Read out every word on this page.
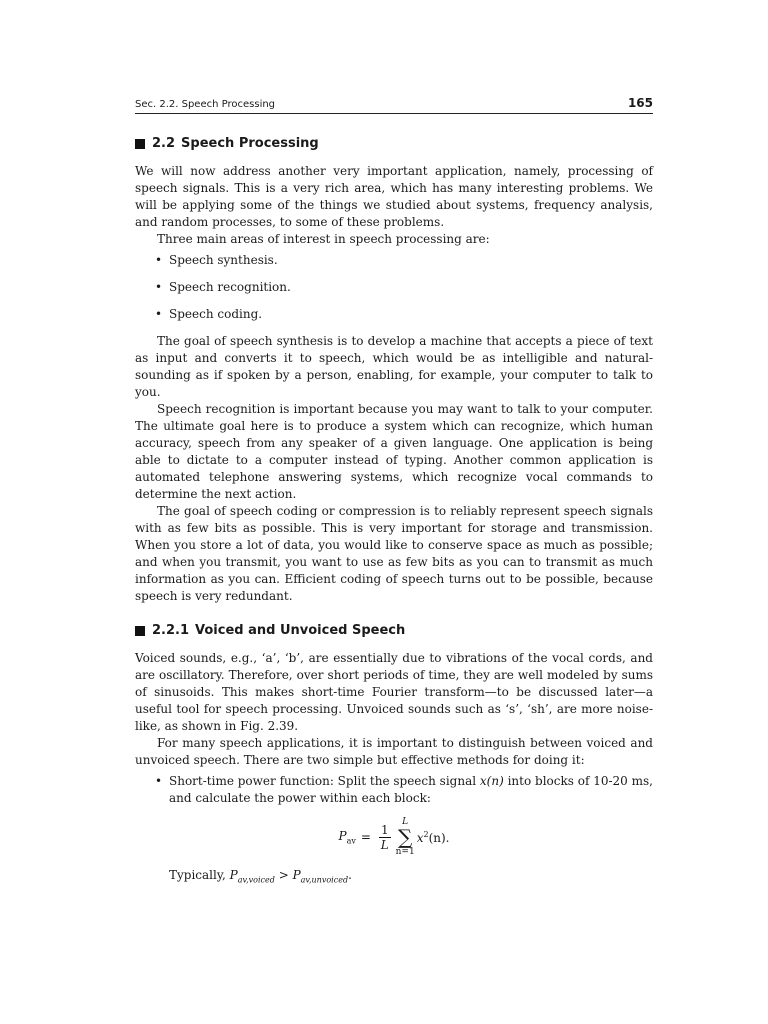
Sec. 2.2. Speech Processing	165
2.2 Speech Processing

We will now address another very important application, namely, processing of speech signals. This is a very rich area, which has many interesting problems. We will be applying some of the things we studied about systems, frequency analysis, and random processes, to some of these problems.

Three main areas of interest in speech processing are:

• Speech synthesis.
• Speech recognition.
• Speech coding.

The goal of speech synthesis is to develop a machine that accepts a piece of text as input and converts it to speech, which would be as intelligible and natural-sounding as if spoken by a person, enabling, for example, your computer to talk to you.

Speech recognition is important because you may want to talk to your computer. The ultimate goal here is to produce a system which can recognize, which human accuracy, speech from any speaker of a given language. One application is being able to dictate to a computer instead of typing. Another common application is automated telephone answering systems, which recognize vocal commands to determine the next action.

The goal of speech coding or compression is to reliably represent speech signals with as few bits as possible. This is very important for storage and transmission. When you store a lot of data, you would like to conserve space as much as possible; and when you transmit, you want to use as few bits as you can to transmit as much information as you can. Efficient coding of speech turns out to be possible, because speech is very redundant.

2.2.1 Voiced and Unvoiced Speech

Voiced sounds, e.g., ‘a’, ‘b’, are essentially due to vibrations of the vocal cords, and are oscillatory. Therefore, over short periods of time, they are well modeled by sums of sinusoids. This makes short-time Fourier transform—to be discussed later—a useful tool for speech processing. Unvoiced sounds such as ‘s’, ‘sh’, are more noise-like, as shown in Fig. 2.39.

For many speech applications, it is important to distinguish between voiced and unvoiced speech. There are two simple but effective methods for doing it:

• Short-time power function: Split the speech signal x(n) into blocks of 10-20 ms, and calculate the power within each block:
$P_{av} = \frac{1}{L}$
L
∑
n=1
$x^2(n)$.
Typically, $P_{av,voiced} > P_{av,unvoiced}$.
